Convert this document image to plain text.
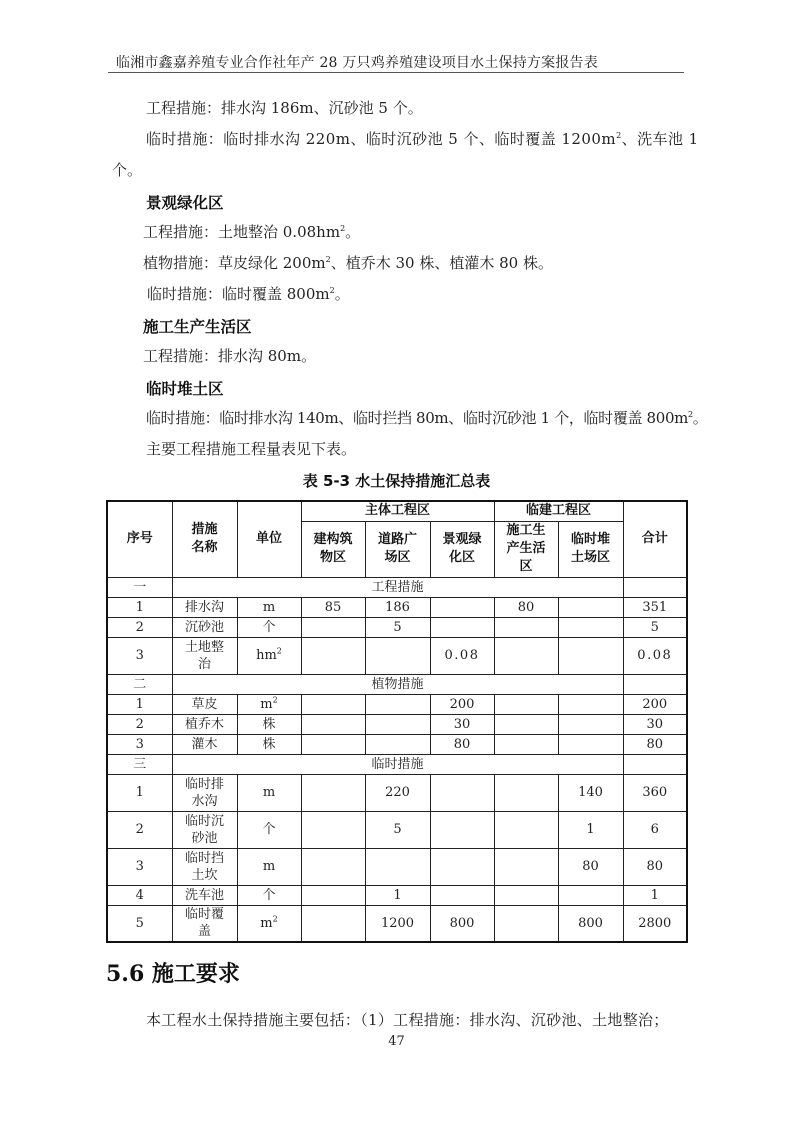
临湘市鑫嘉养殖专业合作社年产 28 万只鸡养殖建设项目水土保持方案报告表
工程措施：排水沟 186m、沉砂池 5 个。
临时措施：临时排水沟 220m、临时沉砂池 5 个、临时覆盖 $1200m^2$、洗车池 1
个。
景观绿化区
工程措施：土地整治 $0.08hm^2$。
植物措施：草皮绿化 $200m^2$、植乔木 30 株、植灌木 80 株。
临时措施：临时覆盖 $800m^2$。
施工生产生活区
工程措施：排水沟 80m。
临时堆土区
临时措施：临时排水沟 140m、临时拦挡 80m、临时沉砂池 1 个，临时覆盖 $800m^2$。
主要工程措施工程量表见下表。
表 5-3 水土保持措施汇总表
序号	措施名称	单位	主体工程区			临建工程区		合计
			建构筑物区	道路广场区	景观绿化区	施工生产生活区	临时堆土场区	
一	工程措施							
1	排水沟	m	85	186		80		351
2	沉砂池	个		5				5
3	土地整治	$hm^2$			0.08			0.08
二	植物措施							
1	草皮	$m^2$			200			200
2	植乔木	株			30			30
3	灌木	株			80			80
三	临时措施							
1	临时排水沟	m		220			140	360
2	临时沉砂池	个		5			1	6
3	临时挡土坎	m					80	80
4	洗车池	个		1				1
5	临时覆盖	$m^2$		1200	800		800	2800
5.6 施工要求
本工程水土保持措施主要包括：（1）工程措施：排水沟、沉砂池、土地整治；
47
